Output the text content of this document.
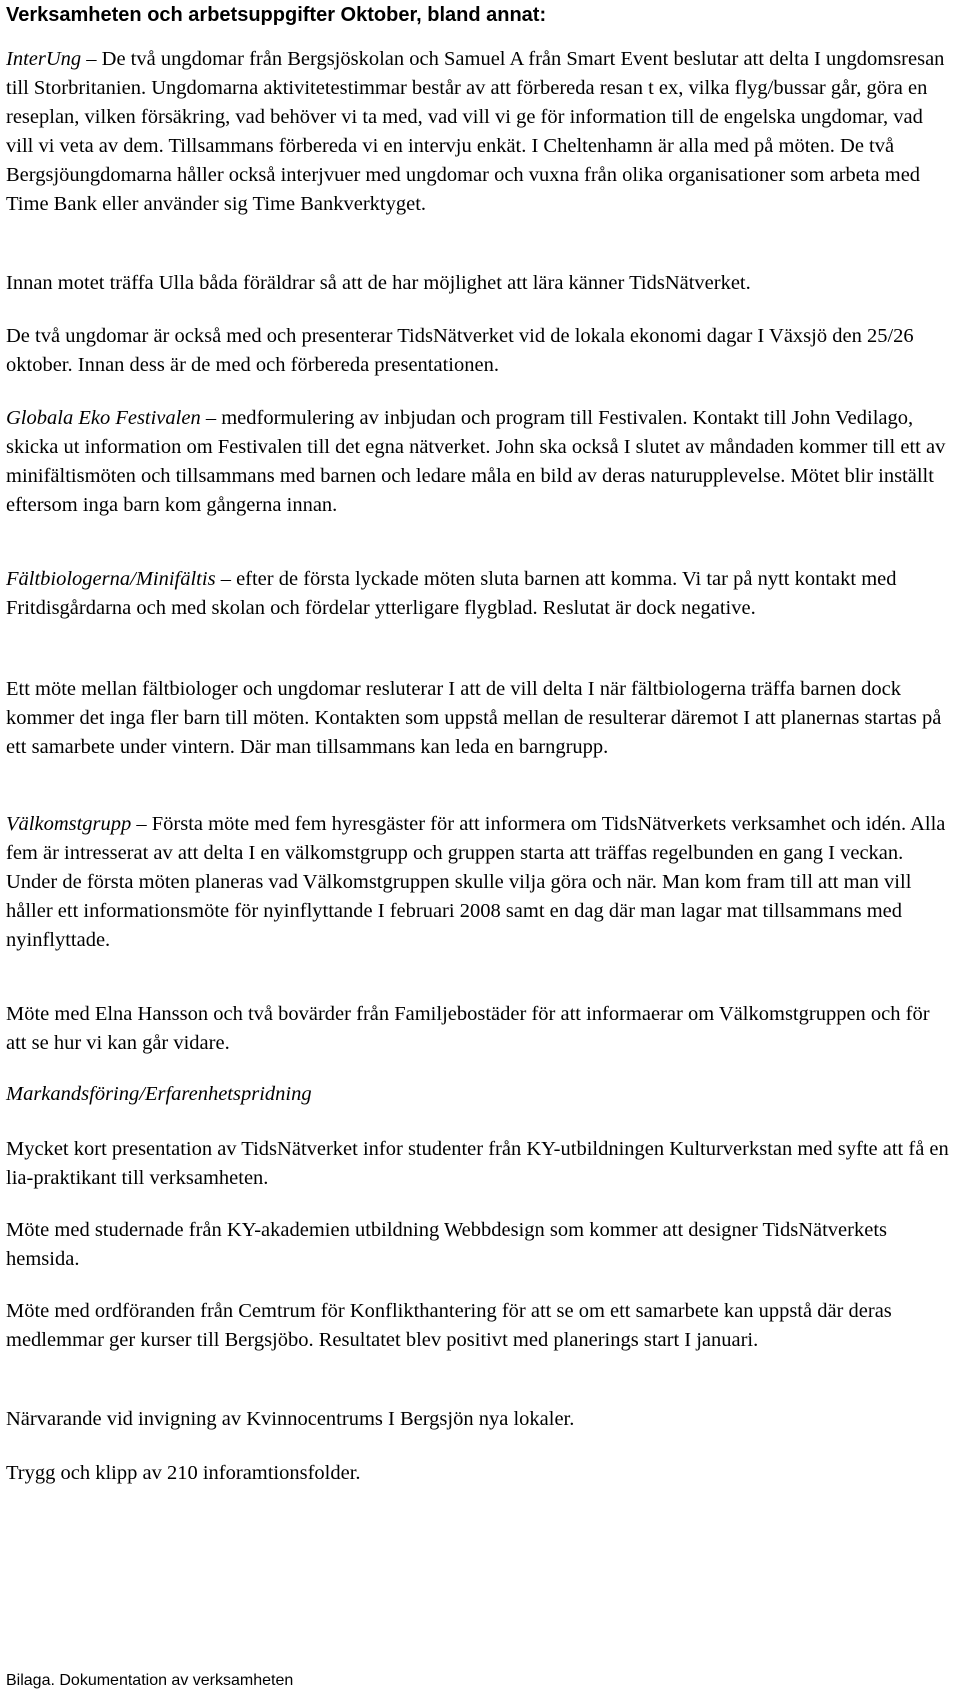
Verksamheten och arbetsuppgifter Oktober, bland annat:
InterUng – De två ungdomar från Bergsjöskolan och Samuel A från Smart Event beslutar att delta I ungdomsresan till Storbritanien. Ungdomarna aktivitetestimmar består av att förbereda resan t ex, vilka flyg/bussar går, göra en reseplan, vilken försäkring, vad behöver vi ta med, vad vill vi ge för information till de engelska ungdomar, vad vill vi veta av dem. Tillsammans förbereda vi en intervju enkät. I Cheltenhamn är alla med på möten. De två Bergsjöungdomarna håller också interjvuer med ungdomar och vuxna från olika organisationer som arbeta med Time Bank eller använder sig Time Bankverktyget.
Innan motet träffa Ulla båda föräldrar så att de har möjlighet att lära känner TidsNätverket.
De två ungdomar är också med och presenterar TidsNätverket vid de lokala ekonomi dagar I Växsjö den 25/26 oktober. Innan dess är de med och förbereda presentationen.
Globala Eko Festivalen – medformulering av inbjudan och program till Festivalen. Kontakt till John Vedilago, skicka ut information om Festivalen till det egna nätverket. John ska också I slutet av måndaden kommer till ett av minifältismöten och tillsammans med barnen och ledare måla en bild av deras naturupplevelse. Mötet blir inställt eftersom inga barn kom gångerna innan.
Fältbiologerna/Minifältis – efter de första lyckade möten sluta barnen att komma. Vi tar på nytt kontakt med Fritdisgårdarna och med skolan och fördelar ytterligare flygblad. Reslutat är dock negative.
Ett möte mellan fältbiologer och ungdomar resluterar I att de vill delta I när fältbiologerna träffa barnen dock kommer det inga fler barn till möten. Kontakten som uppstå mellan de resulterar däremot I att planernas startas på ett samarbete under vintern. Där man tillsammans kan leda en barngrupp.
Välkomstgrupp – Första möte med fem hyresgäster för att informera om TidsNätverkets verksamhet och idén. Alla fem är intresserat av att delta I en välkomstgrupp och gruppen starta att träffas regelbunden en gang I veckan. Under de första möten planeras vad Välkomstgruppen skulle vilja göra och när. Man kom fram till att man vill håller ett informationsmöte för nyinflyttande I februari 2008 samt en dag där man lagar mat tillsammans med nyinflyttade.
Möte med Elna Hansson och två bovärder från Familjebostäder för att informaerar om Välkomstgruppen och för att se hur vi kan går vidare.
Markandsföring/Erfarenhetspridning
Mycket kort presentation av TidsNätverket infor studenter från KY-utbildningen Kulturverkstan med syfte att få en lia-praktikant till verksamheten.
Möte med studernade från KY-akademien utbildning Webbdesign som kommer att designer TidsNätverkets hemsida.
Möte med ordföranden från Cemtrum för Konflikthantering för att se om ett samarbete kan uppstå där deras medlemmar ger kurser till Bergsjöbo. Resultatet blev positivt med planerings start I januari.
Närvarande vid invigning av Kvinnocentrums I Bergsjön nya lokaler.
Trygg och klipp av 210 inforamtionsfolder.
Bilaga. Dokumentation av verksamheten
